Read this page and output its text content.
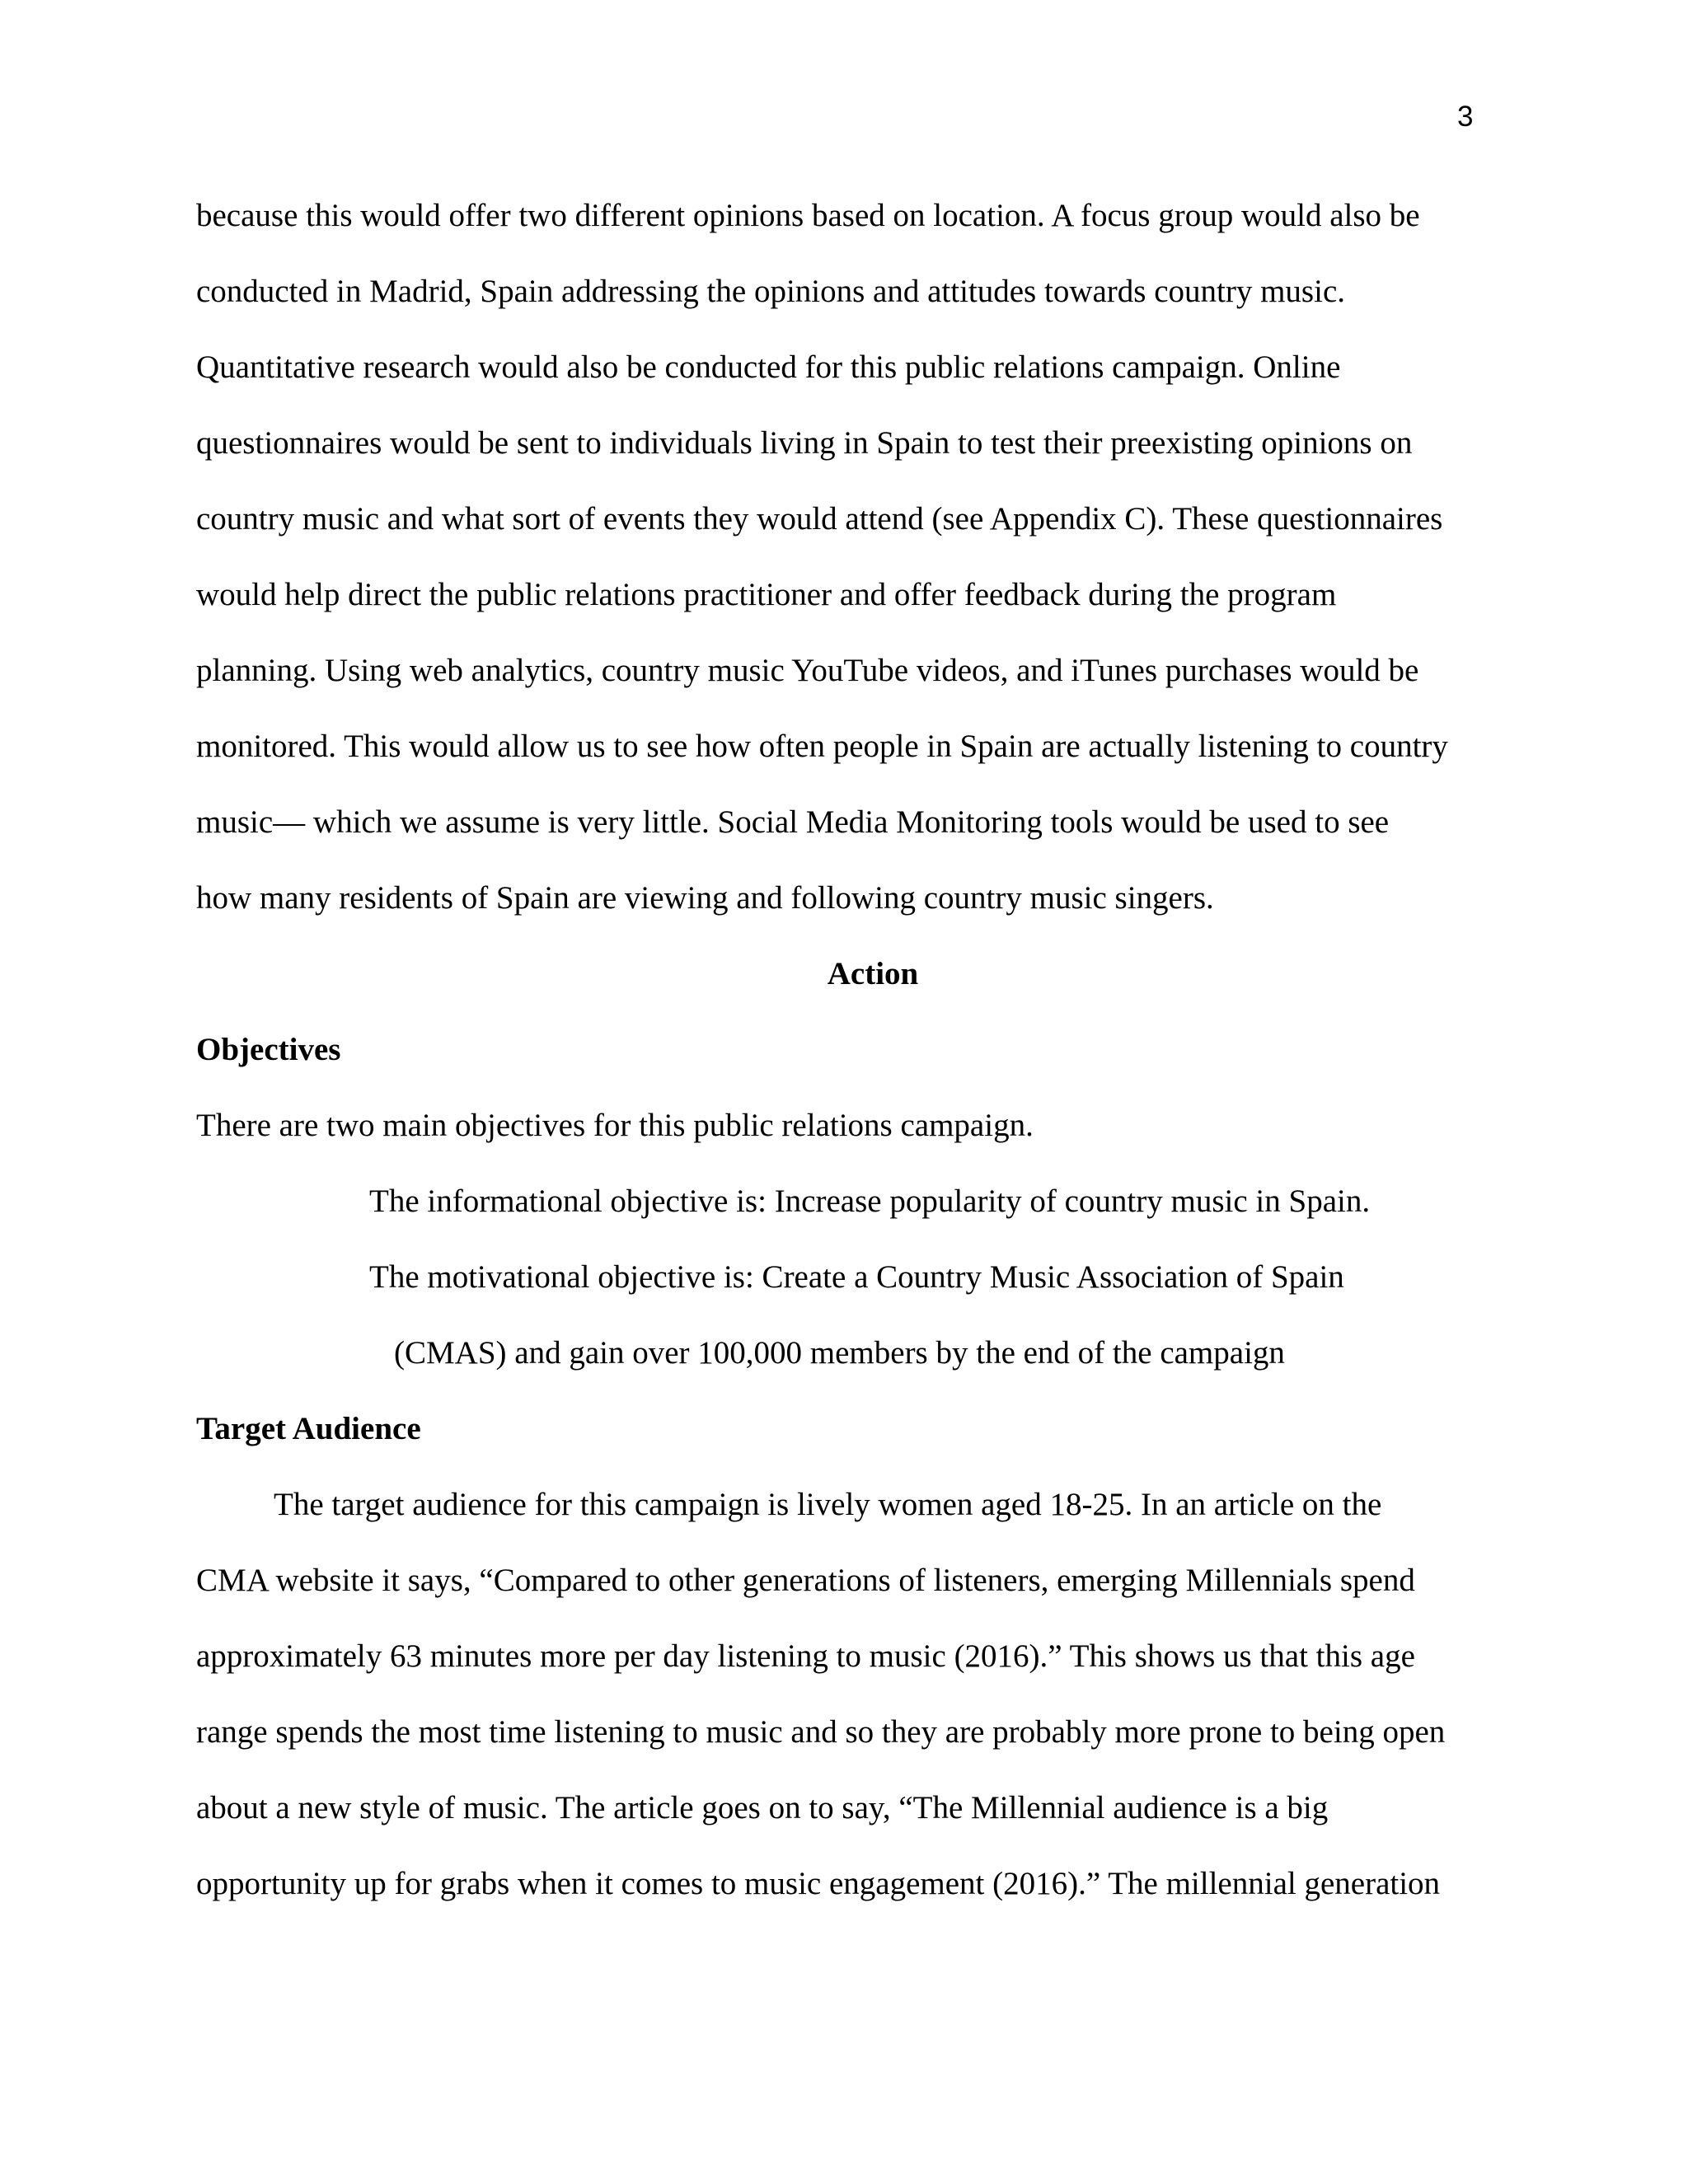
3
because this would offer two different opinions based on location. A focus group would also be
conducted in Madrid, Spain addressing the opinions and attitudes towards country music.
Quantitative research would also be conducted for this public relations campaign. Online
questionnaires would be sent to individuals living in Spain to test their preexisting opinions on
country music and what sort of events they would attend (see Appendix C). These questionnaires
would help direct the public relations practitioner and offer feedback during the program
planning. Using web analytics, country music YouTube videos, and iTunes purchases would be
monitored. This would allow us to see how often people in Spain are actually listening to country
music— which we assume is very little. Social Media Monitoring tools would be used to see
how many residents of Spain are viewing and following country music singers.
Action
Objectives
There are two main objectives for this public relations campaign.
The informational objective is: Increase popularity of country music in Spain.
The motivational objective is: Create a Country Music Association of Spain
(CMAS) and gain over 100,000 members by the end of the campaign
Target Audience
The target audience for this campaign is lively women aged 18-25. In an article on the
CMA website it says, “Compared to other generations of listeners, emerging Millennials spend
approximately 63 minutes more per day listening to music (2016).” This shows us that this age
range spends the most time listening to music and so they are probably more prone to being open
about a new style of music. The article goes on to say, “The Millennial audience is a big
opportunity up for grabs when it comes to music engagement (2016).” The millennial generation
